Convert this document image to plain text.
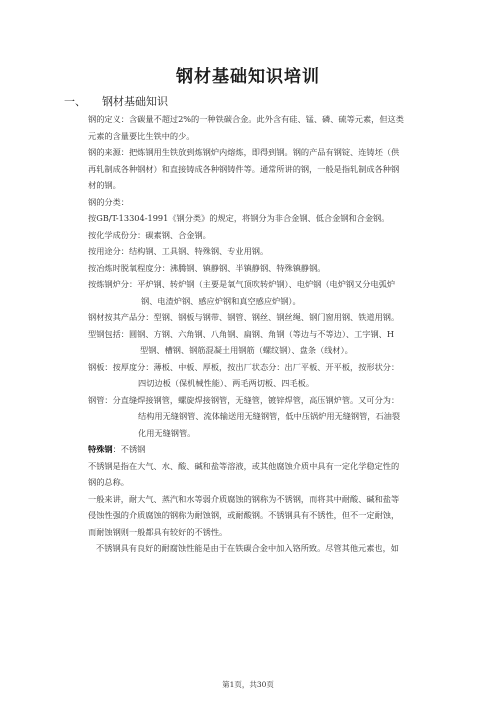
钢材基础知识培训
一、 钢材基础知识

钢的定义：含碳量不超过2%的一种铁碳合金。此外含有硅、锰、磷、硫等元素，但这类

元素的含量要比生铁中的少。

钢的来源：把炼钢用生铁放到炼钢炉内熔炼，即得到钢。钢的产品有钢锭、连铸坯（供

再轧制成各种钢材）和直接铸成各种钢铸件等。通常所讲的钢，一般是指轧制成各种钢

材的钢。

钢的分类：

按GB/T-13304-1991《钢分类》的规定，将钢分为非合金钢、低合金钢和合金钢。

按化学成份分：碳素钢、合金钢。

按用途分：结构钢、工具钢、特殊钢、专业用钢。

按冶炼时脱氧程度分：沸腾钢、镇静钢、半镇静钢、特殊镇静钢。

按炼钢炉分：平炉钢、转炉钢（主要是氧气顶吹转炉钢）、电炉钢（电炉钢又分电弧炉

钢、电渣炉钢、感应炉钢和真空感应炉钢）。

钢材按其产品分：型钢、钢板与钢带、钢管、钢丝、钢丝绳、钢门窗用钢、铁道用钢。

型钢包括：圆钢、方钢、六角钢、八角钢、扁钢、角钢（等边与不等边）、工字钢、H

型钢、槽钢、钢筋混凝土用钢筋（螺纹钢）、盘条（线材）。

钢板：按厚度分：薄板、中板、厚板，按出厂状态分：出厂平板、开平板，按形状分：

四切边板（保机械性能）、两毛两切板、四毛板。

钢管：分直缝焊接钢管，螺旋焊接钢管，无缝管，镀锌焊管，高压钢炉管。又可分为：

结构用无缝钢管、流体输送用无缝钢管，低中压锅炉用无缝钢管，石油裂

化用无缝钢管。

特殊钢：不锈钢

不锈钢是指在大气、水、酸、碱和盐等溶液，或其他腐蚀介质中具有一定化学稳定性的

钢的总称。

一般来讲，耐大气、蒸汽和水等弱介质腐蚀的钢称为不锈钢，而将其中耐酸、碱和盐等

侵蚀性强的介质腐蚀的钢称为耐蚀钢，或耐酸钢。不锈钢具有不锈性，但不一定耐蚀，

而耐蚀钢则一般都具有较好的不锈性。

不锈钢具有良好的耐腐蚀性能是由于在铁碳合金中加入铬所致。尽管其他元素也，如

第1页，共30页
